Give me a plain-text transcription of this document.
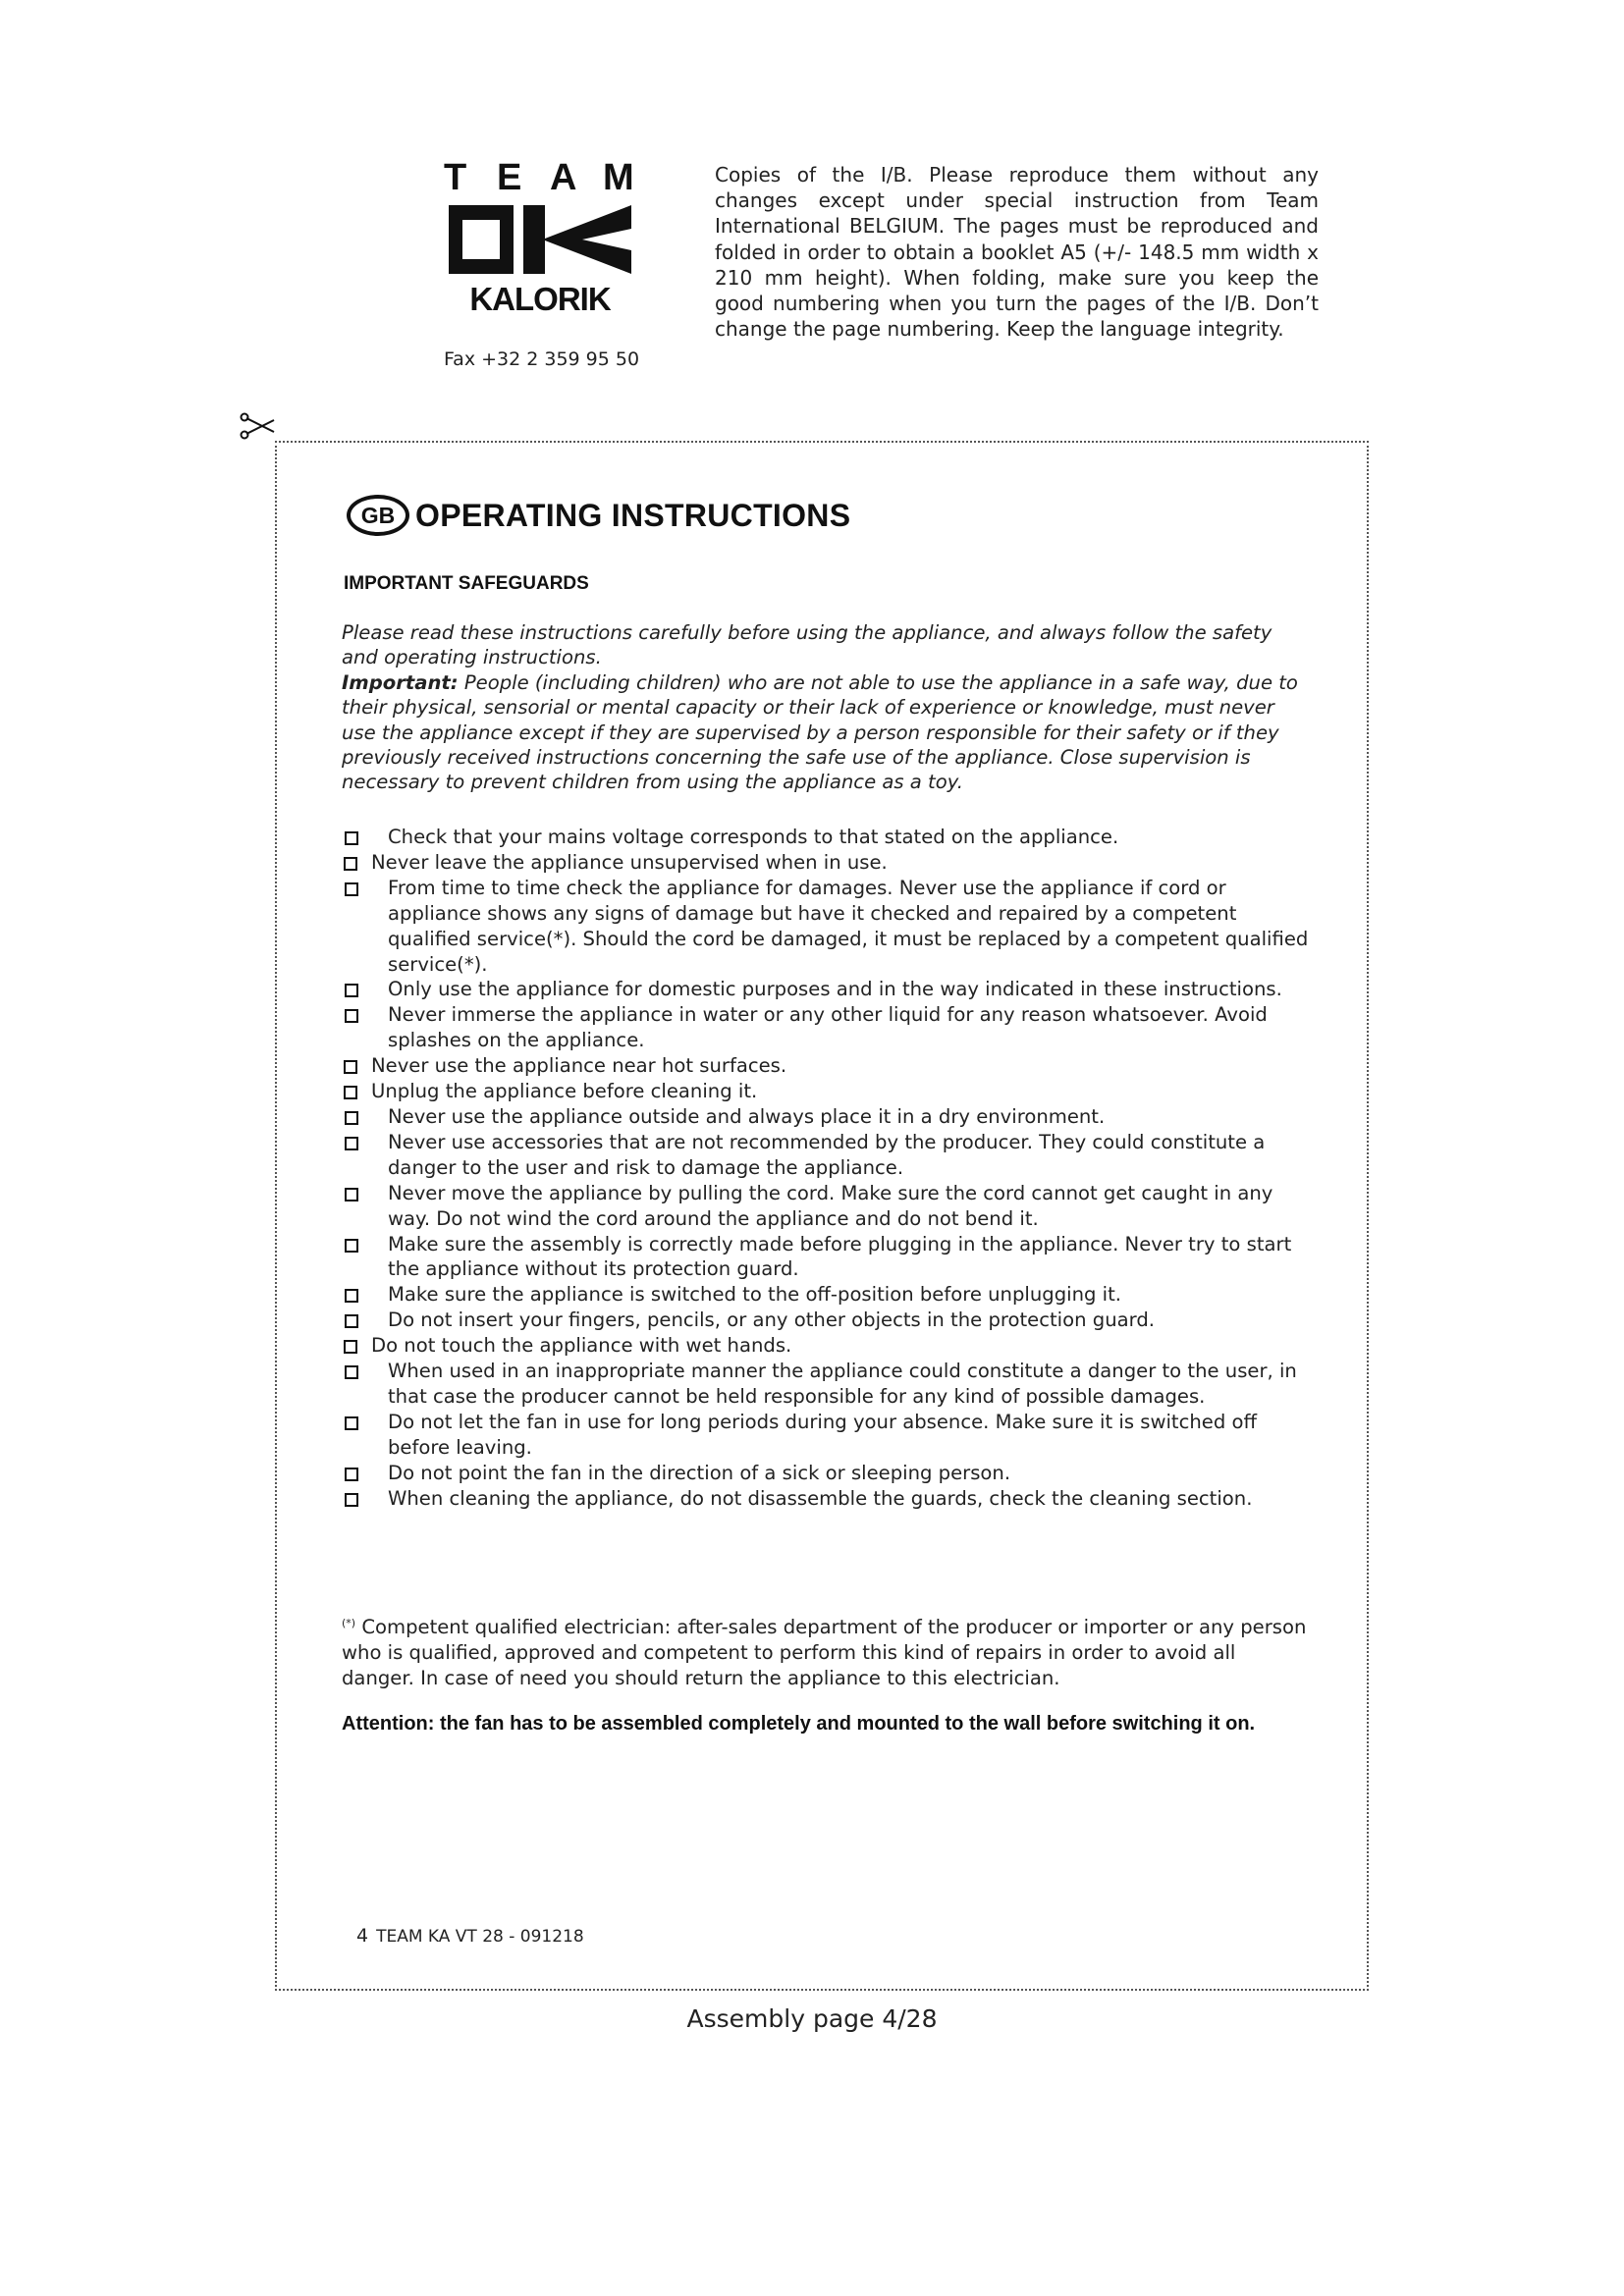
T E A M
KALORIK
Fax +32 2 359 95 50
Copies of the I/B. Please reproduce them without any changes except under special instruction from Team International BELGIUM. The pages must be reproduced and folded in order to obtain a booklet A5 (+/- 148.5 mm width x 210 mm height). When folding, make sure you keep the good numbering when you turn the pages of the I/B. Don’t change the page numbering. Keep the language integrity.
GB OPERATING INSTRUCTIONS
IMPORTANT SAFEGUARDS
Please read these instructions carefully before using the appliance, and always follow the safety and operating instructions.
Important: People (including children) who are not able to use the appliance in a safe way, due to their physical, sensorial or mental capacity or their lack of experience or knowledge, must never use the appliance except if they are supervised by a person responsible for their safety or if they previously received instructions concerning the safe use of the appliance. Close supervision is necessary to prevent children from using the appliance as a toy.
Check that your mains voltage corresponds to that stated on the appliance.
Never leave the appliance unsupervised when in use.
From time to time check the appliance for damages. Never use the appliance if cord or appliance shows any signs of damage but have it checked and repaired by a competent qualified service(*). Should the cord be damaged, it must be replaced by a competent qualified service(*).
Only use the appliance for domestic purposes and in the way indicated in these instructions.
Never immerse the appliance in water or any other liquid for any reason whatsoever. Avoid splashes on the appliance.
Never use the appliance near hot surfaces.
Unplug the appliance before cleaning it.
Never use the appliance outside and always place it in a dry environment.
Never use accessories that are not recommended by the producer. They could constitute a danger to the user and risk to damage the appliance.
Never move the appliance by pulling the cord. Make sure the cord cannot get caught in any way. Do not wind the cord around the appliance and do not bend it.
Make sure the assembly is correctly made before plugging in the appliance. Never try to start the appliance without its protection guard.
Make sure the appliance is switched to the off-position before unplugging it.
Do not insert your fingers, pencils, or any other objects in the protection guard.
Do not touch the appliance with wet hands.
When used in an inappropriate manner the appliance could constitute a danger to the user, in that case the producer cannot be held responsible for any kind of possible damages.
Do not let the fan in use for long periods during your absence. Make sure it is switched off before leaving.
Do not point the fan in the direction of a sick or sleeping person.
When cleaning the appliance, do not disassemble the guards, check the cleaning section.
(*) Competent qualified electrician: after-sales department of the producer or importer or any person who is qualified, approved and competent to perform this kind of repairs in order to avoid all danger. In case of need you should return the appliance to this electrician.
Attention: the fan has to be assembled completely and mounted to the wall before switching it on.
4 TEAM KA VT 28 - 091218
Assembly page 4/28
